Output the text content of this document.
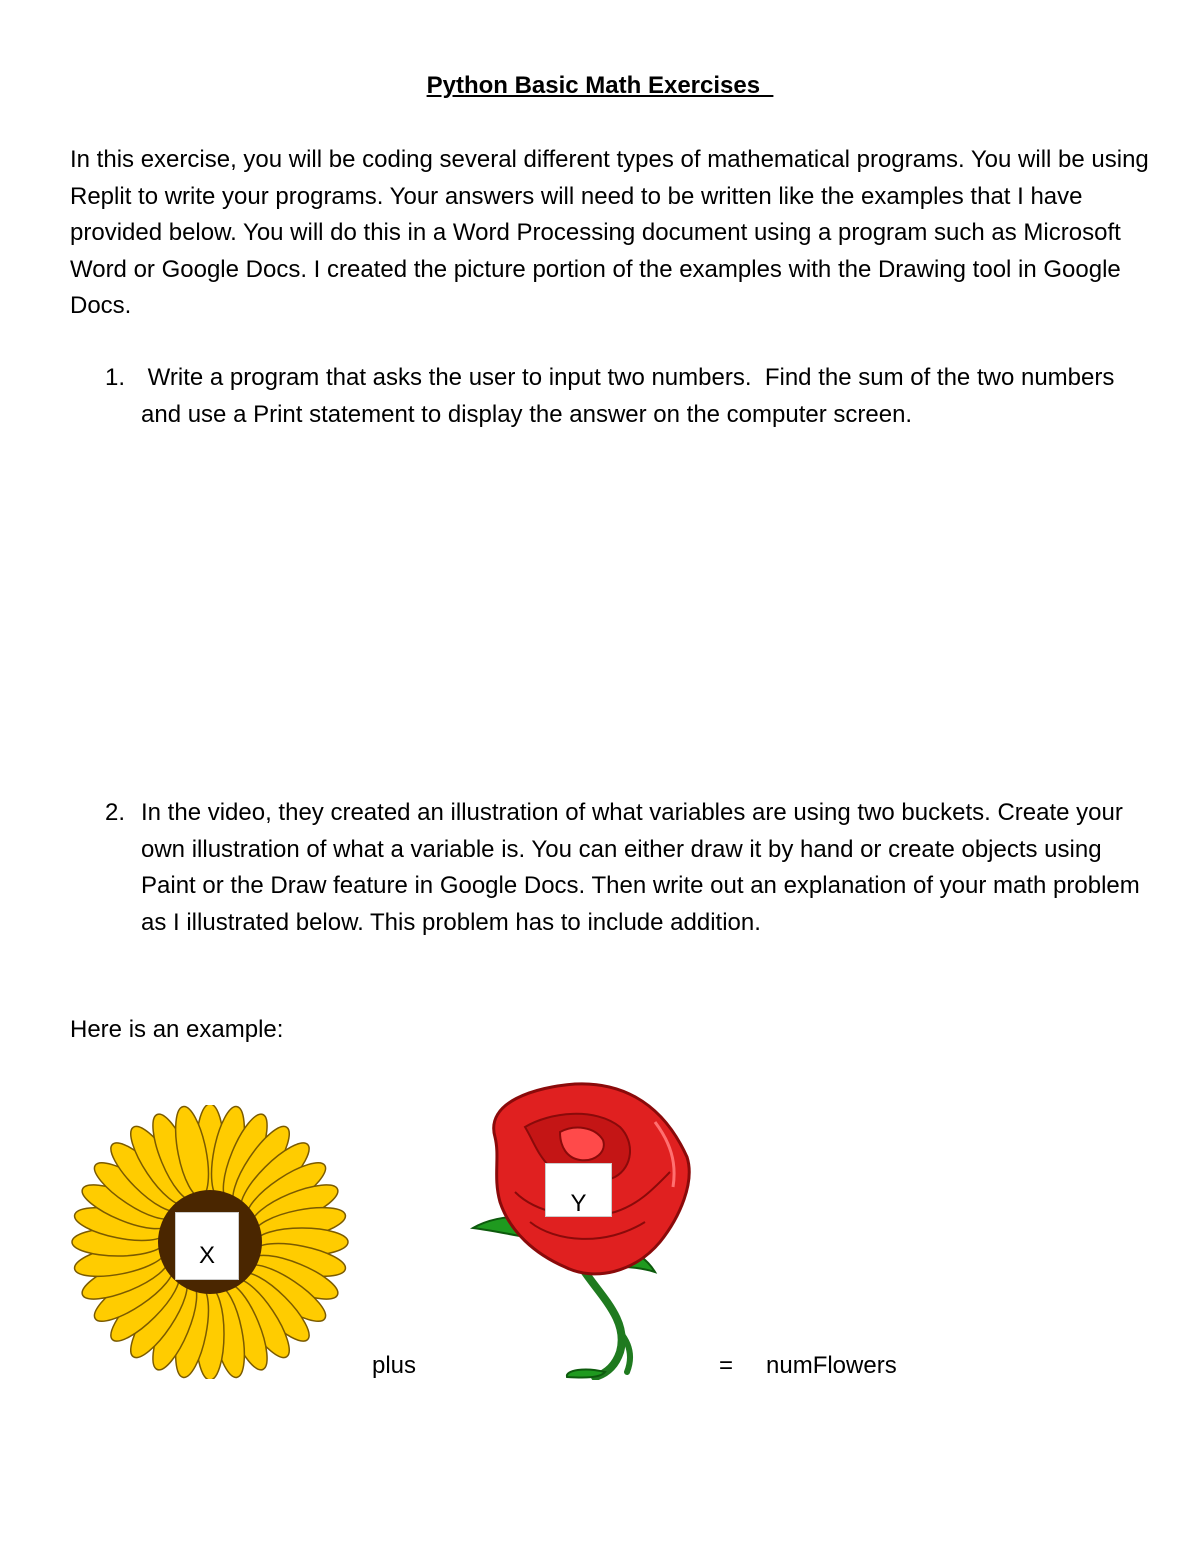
Python Basic Math Exercises
In this exercise, you will be coding several different types of mathematical programs. You will be using Replit to write your programs. Your answers will need to be written like the examples that I have provided below. You will do this in a Word Processing document using a program such as Microsoft Word or Google Docs. I created the picture portion of the examples with the Drawing tool in Google Docs.
1. Write a program that asks the user to input two numbers.  Find the sum of the two numbers and use a Print statement to display the answer on the computer screen.
2. In the video, they created an illustration of what variables are using two buckets. Create your own illustration of what a variable is. You can either draw it by hand or create objects using Paint or the Draw feature in Google Docs. Then write out an explanation of your math problem as I illustrated below. This problem has to include addition.
Here is an example:
X
Y
plus	= numFlowers
